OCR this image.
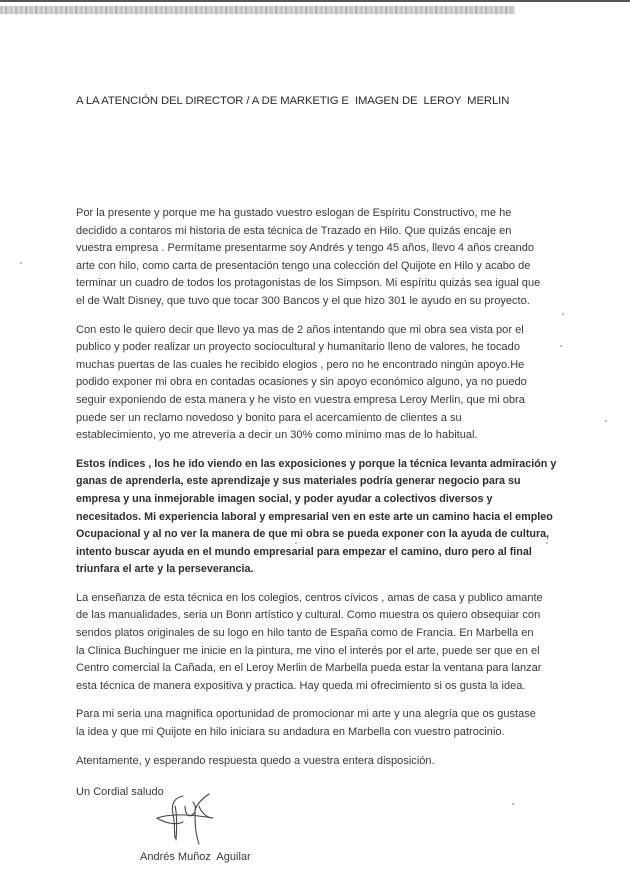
A LA ATENCIÓN DEL DIRECTOR / A DE MARKETIG E  IMAGEN DE  LEROY  MERLIN

Por la presente y porque me ha gustado vuestro eslogan de Espíritu Constructivo, me he
decidido a contaros mi historia de esta técnica de Trazado en Hilo. Que quizás encaje en
vuestra empresa . Permítame presentarme soy Andrés y tengo 45 años, llevo 4 años creando
arte con hilo, como carta de presentación tengo una colección del Quijote en Hilo y acabo de
terminar un cuadro de todos los protagonistas de los Simpson. Mi espíritu quizás sea igual que
el de Walt Disney, que tuvo que tocar 300 Bancos y el que hizo 301 le ayudo en su proyecto.

Con esto le quiero decir que llevo ya mas de 2 años intentando que mi obra sea vista por el
publico y poder realizar un proyecto sociocultural y humanitario lleno de valores, he tocado
muchas puertas de las cuales he recibido elogios , pero no he encontrado ningún apoyo.He
podido exponer mi obra en contadas ocasiones y sin apoyo económico alguno, ya no puedo
seguir exponiendo de esta manera y he visto en vuestra empresa Leroy Merlin, que mi obra
puede ser un reclamo novedoso y bonito para el acercamiento de clientes a su
establecimiento, yo me atrevería a decir un 30% como mínimo mas de lo habitual.

Estos índices , los he ido viendo en las exposiciones y porque la técnica levanta admiración y
ganas de aprenderla, este aprendizaje y sus materiales podría generar negocio para su
empresa y una inmejorable imagen social, y poder ayudar a colectivos diversos y
necesitados. Mi experiencia laboral y empresarial ven en este arte un camino hacia el empleo
Ocupacional y al no ver la manera de que mi obra se pueda exponer con la ayuda de cultura,
intento buscar ayuda en el mundo empresarial para empezar el camino, duro pero al final
triunfara el arte y la perseverancia.

La enseñanza de esta técnica en los colegios, centros cívicos , amas de casa y publico amante
de las manualidades, seria un Bonn artístico y cultural. Como muestra os quiero obsequiar con
sendos platos originales de su logo en hilo tanto de España como de Francia. En Marbella en
la Clinica Buchinguer me inicie en la pintura, me vino el interés por el arte, puede ser que en el
Centro comercial la Cañada, en el Leroy Merlin de Marbella pueda estar la ventana para lanzar
esta técnica de manera expositiva y practica. Hay queda mi ofrecimiento si os gusta la idea.

Para mi seria una magnifica oportunidad de promocionar mi arte y una alegría que os gustase
la idea y que mi Quijote en hilo iniciara su andadura en Marbella con vuestro patrocinio.

Atentamente, y esperando respuesta quedo a vuestra entera disposición.

Un Cordial saludo

Andrés Muñoz  Aguilar
